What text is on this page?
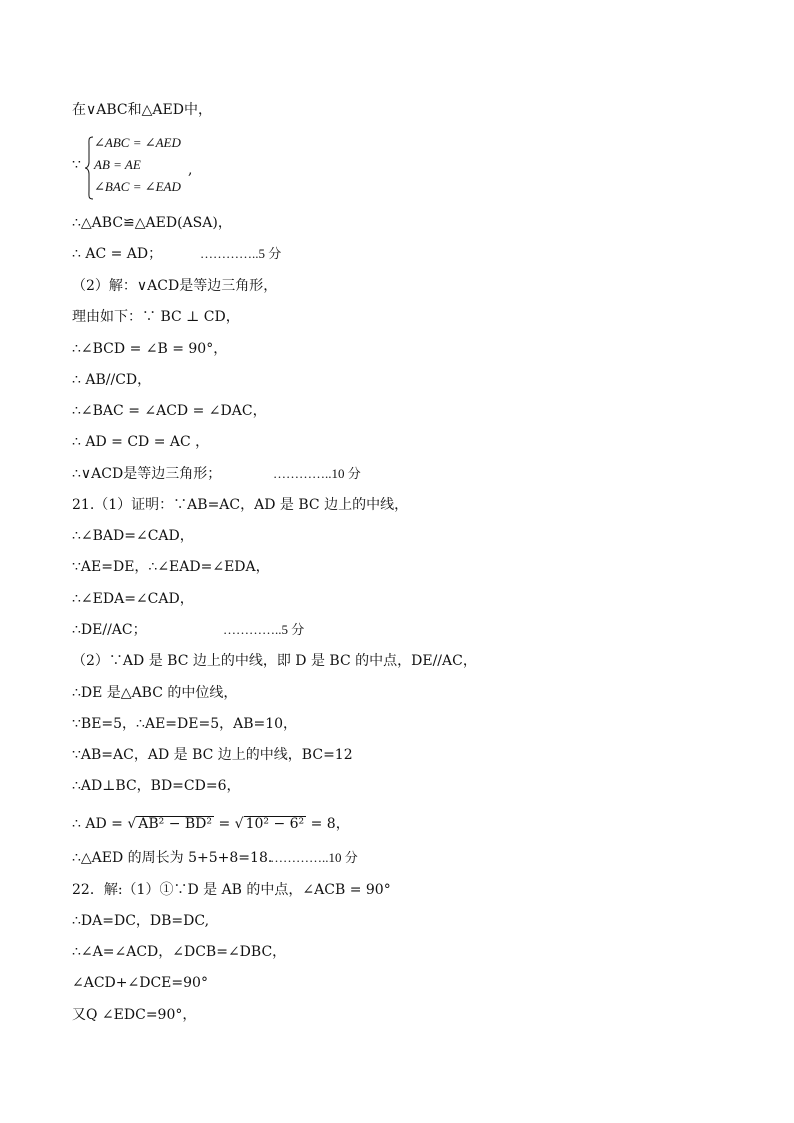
在∨ABC和△AED中，
∵
∠ABC = ∠AED
AB = AE
∠BAC = ∠EAD
,
∴△ABC≌△AED(ASA)，
∴ AC = AD；	…………..5 分
（2）解：∨ACD是等边三角形，
理由如下：∵ BC ⊥ CD，
∴∠BCD = ∠B = 90°，
∴ AB//CD，
∴∠BAC = ∠ACD = ∠DAC，
∴ AD = CD = AC ，
∴∨ACD是等边三角形；	…………..10 分
21.（1）证明：∵AB=AC，AD 是 BC 边上的中线，
∴∠BAD=∠CAD，
∵AE=DE，∴∠EAD=∠EDA，
∴∠EDA=∠CAD，
∴DE//AC；	…………..5 分
（2）∵AD 是 BC 边上的中线，即 D 是 BC 的中点，DE//AC，
∴DE 是△ABC 的中位线，
∵BE=5，∴AE=DE=5，AB=10，
∵AB=AC，AD 是 BC 边上的中线，BC=12
∴AD⊥BC，BD=CD=6，
∴ AD = √ AB² − BD² = √ 10² − 6² = 8，
∴△AED 的周长为 5+5+8=18．
…………..10 分
22．解:（1）①∵D 是 AB 的中点，∠ACB = 90°
∴DA=DC，DB=DC,
∴∠A=∠ACD，∠DCB=∠DBC，
∠ACD+∠DCE=90°
又Q ∠EDC=90°，
